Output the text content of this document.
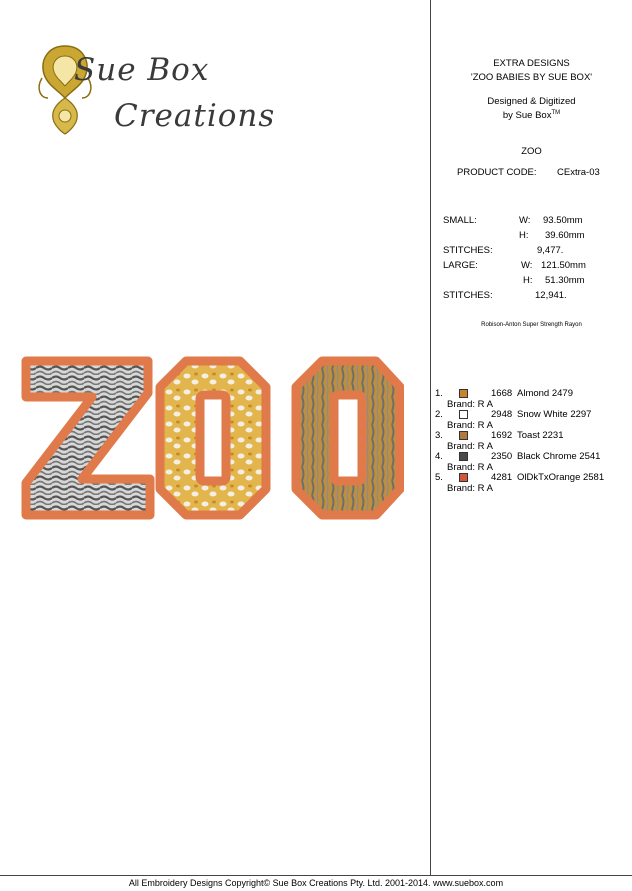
Sue Box
Creations
EXTRA DESIGNS
'ZOO BABIES BY SUE BOX'
Designed & Digitized
by Sue Box™
ZOO
PRODUCT CODE: CExtra-03
SMALL:	W: 93.50mm
H: 39.60mm
STITCHES:	9,477.
LARGE:	W: 121.50mm
H: 51.30mm
STITCHES:	12,941.
Robison-Anton Super Strength Rayon
1.	1668 Almond 2479
Brand: R A
2.	2948 Snow White 2297
Brand: R A
3.	1692 Toast 2231
Brand: R A
4.	2350 Black Chrome 2541
Brand: R A
5.	4281 OlDkTxOrange 2581
Brand: R A
All Embroidery Designs Copyright© Sue Box Creations Pty. Ltd. 2001-2014. www.suebox.com
